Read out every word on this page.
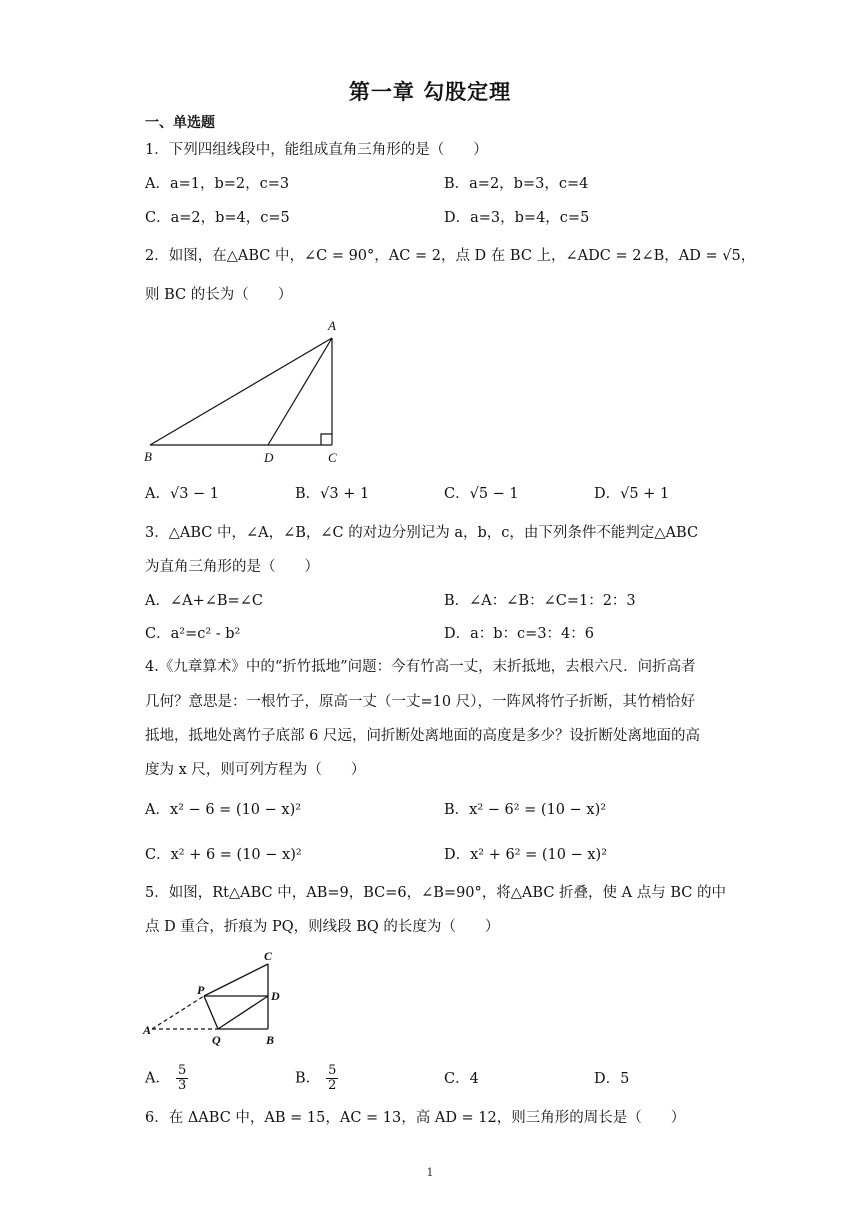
第一章 勾股定理
一、单选题
1．下列四组线段中，能组成直角三角形的是（　　）
A．a=1，b=2，c=3	B．a=2，b=3，c=4
C．a=2，b=4，c=5	D．a=3，b=4，c=5
2．如图，在△ABC 中，∠C = 90°，AC = 2，点 D 在 BC 上，∠ADC = 2∠B，AD = √5，
则 BC 的长为（　　）
A
B	D	C
A．√3 − 1	B．√3 + 1	C．√5 − 1	D．√5 + 1
3．△ABC 中，∠A，∠B，∠C 的对边分别记为 a，b，c，由下列条件不能判定△ABC
为直角三角形的是（　　）
A．∠A+∠B=∠C	B．∠A：∠B：∠C=1：2：3
C．a²=c² - b²	D．a：b：c=3：4：6
4.《九章算术》中的“折竹抵地”问题：今有竹高一丈，末折抵地，去根六尺．问折高者
几何？意思是：一根竹子，原高一丈（一丈=10 尺），一阵风将竹子折断，其竹梢恰好
抵地，抵地处离竹子底部 6 尺远，问折断处离地面的高度是多少？设折断处离地面的高
度为 x 尺，则可列方程为（　　）
A．x² − 6 = (10 − x)²	B．x² − 6² = (10 − x)²
C．x² + 6 = (10 − x)²	D．x² + 6² = (10 − x)²
5．如图，Rt△ABC 中，AB=9，BC=6，∠B=90°，将△ABC 折叠，使 A 点与 BC 的中
点 D 重合，折痕为 PQ，则线段 BQ 的长度为（　　）
C
P	D
A
Q	B
A． $\frac{5}{3}$	B． $\frac{5}{2}$	C．4	D．5
6．在 ΔABC 中，AB = 15，AC = 13，高 AD = 12，则三角形的周长是（　　）
1
